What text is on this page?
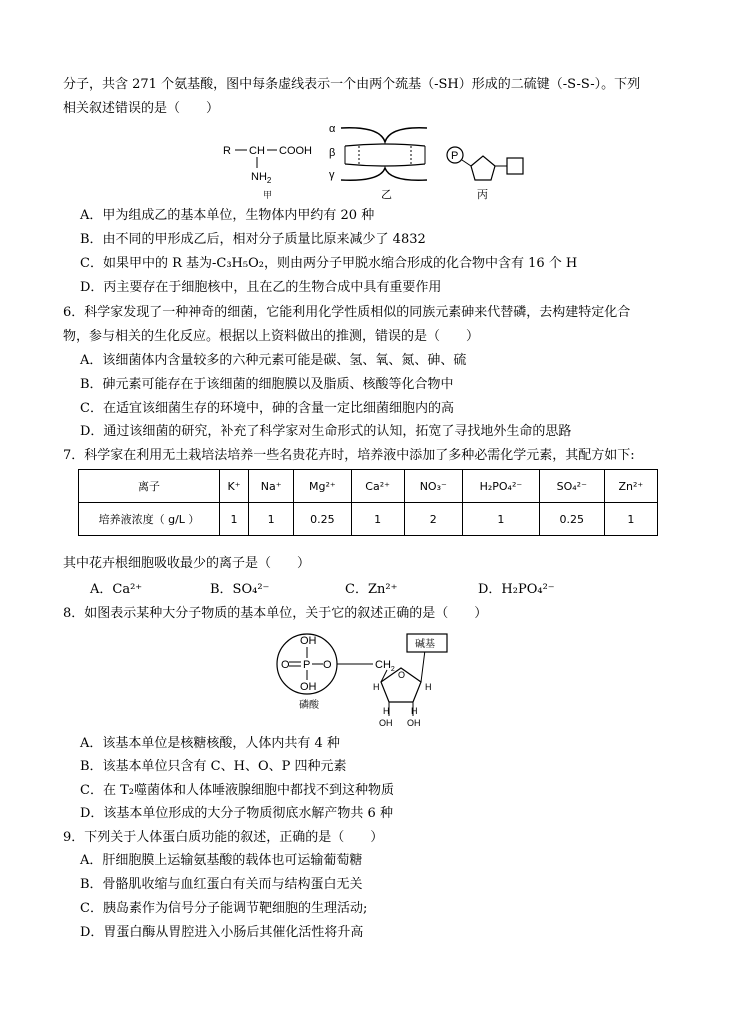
分子，共含 271 个氨基酸，图中每条虚线表示一个由两个巯基（-SH）形成的二硫键（-S-S-）。下列
相关叙述错误的是（　　）
R CH COOH
$NH_2$
甲
α
β
γ
乙
P
丙
A．甲为组成乙的基本单位，生物体内甲约有 20 种
B．由不同的甲形成乙后，相对分子质量比原来减少了 4832
C．如果甲中的 R 基为-C₃H₅O₂，则由两分子甲脱水缩合形成的化合物中含有 16 个 H
D．丙主要存在于细胞核中，且在乙的生物合成中具有重要作用
6．科学家发现了一种神奇的细菌，它能利用化学性质相似的同族元素砷来代替磷，去构建特定化合
物，参与相关的生化反应。根据以上资料做出的推测，错误的是（　　）
A．该细菌体内含量较多的六种元素可能是碳、氢、氧、氮、砷、硫
B．砷元素可能存在于该细菌的细胞膜以及脂质、核酸等化合物中
C．在适宜该细菌生存的环境中，砷的含量一定比细菌细胞内的高
D．通过该细菌的研究，补充了科学家对生命形式的认知，拓宽了寻找地外生命的思路
7．科学家在利用无土栽培法培养一些名贵花卉时，培养液中添加了多种必需化学元素，其配方如下:
离子	K⁺	Na⁺	Mg²⁺	Ca²⁺	NO₃⁻	H₂PO₄²⁻	SO₄²⁻	Zn²⁺
培养液浓度（ g/L ）	1	1	0.25	1	2	1	0.25	1
其中花卉根细胞吸收最少的离子是（　　）
A．Ca²⁺	B．SO₄²⁻	C．Zn²⁺	D．H₂PO₄²⁻
8．如图表示某种大分子物质的基本单位，关于它的叙述正确的是（　　）
OH
O P O
OH
磷酸
$CH_2$
O
H	H
H H
OH OH
碱基
A．该基本单位是核糖核酸，人体内共有 4 种
B．该基本单位只含有 C、H、O、P 四种元素
C．在 T₂噬菌体和人体唾液腺细胞中都找不到这种物质
D．该基本单位形成的大分子物质彻底水解产物共 6 种
9．下列关于人体蛋白质功能的叙述，正确的是（　　）
A．肝细胞膜上运输氨基酸的载体也可运输葡萄糖
B．骨骼肌收缩与血红蛋白有关而与结构蛋白无关
C．胰岛素作为信号分子能调节靶细胞的生理活动;
D．胃蛋白酶从胃腔进入小肠后其催化活性将升高
